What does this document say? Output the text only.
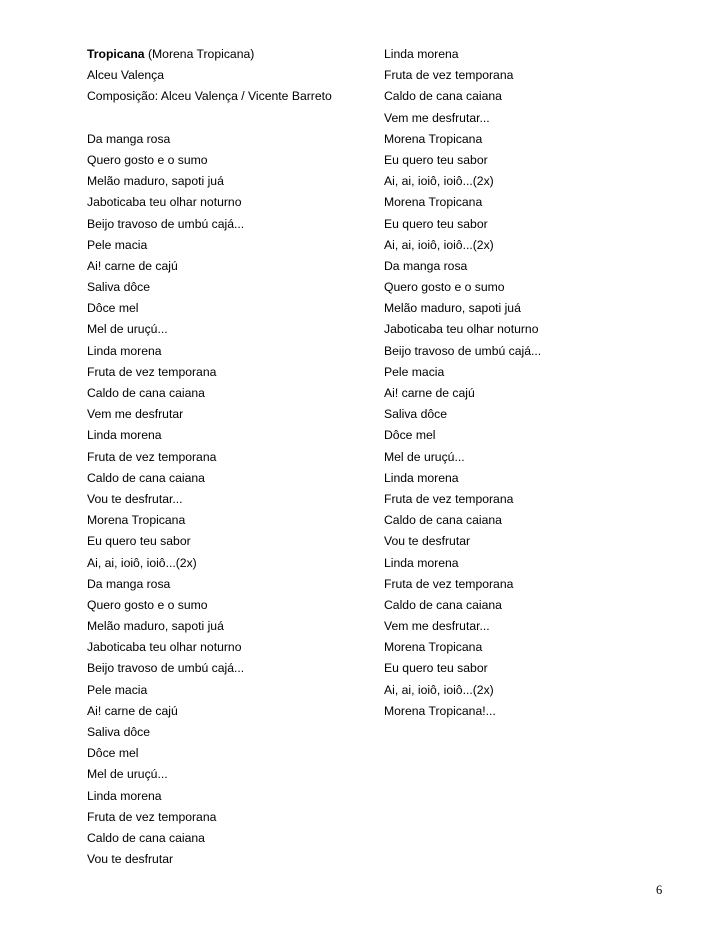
Tropicana (Morena Tropicana)
Alceu Valença
Composição: Alceu Valença / Vicente Barreto
Da manga rosa
Quero gosto e o sumo
Melão maduro, sapoti juá
Jaboticaba teu olhar noturno
Beijo travoso de umbú cajá...
Pele macia
Ai! carne de cajú
Saliva dôce
Dôce mel
Mel de uruçú...
Linda morena
Fruta de vez temporana
Caldo de cana caiana
Vem me desfrutar
Linda morena
Fruta de vez temporana
Caldo de cana caiana
Vou te desfrutar...
Morena Tropicana
Eu quero teu sabor
Ai, ai, ioiô, ioiô...(2x)
Da manga rosa
Quero gosto e o sumo
Melão maduro, sapoti juá
Jaboticaba teu olhar noturno
Beijo travoso de umbú cajá...
Pele macia
Ai! carne de cajú
Saliva dôce
Dôce mel
Mel de uruçú...
Linda morena
Fruta de vez temporana
Caldo de cana caiana
Vou te desfrutar
Linda morena
Fruta de vez temporana
Caldo de cana caiana
Vem me desfrutar...
Morena Tropicana
Eu quero teu sabor
Ai, ai, ioiô, ioiô...(2x)
Morena Tropicana
Eu quero teu sabor
Ai, ai, ioiô, ioiô...(2x)
Da manga rosa
Quero gosto e o sumo
Melão maduro, sapoti juá
Jaboticaba teu olhar noturno
Beijo travoso de umbú cajá...
Pele macia
Ai! carne de cajú
Saliva dôce
Dôce mel
Mel de uruçú...
Linda morena
Fruta de vez temporana
Caldo de cana caiana
Vou te desfrutar
Linda morena
Fruta de vez temporana
Caldo de cana caiana
Vem me desfrutar...
Morena Tropicana
Eu quero teu sabor
Ai, ai, ioiô, ioiô...(2x)
Morena Tropicana!...
6
